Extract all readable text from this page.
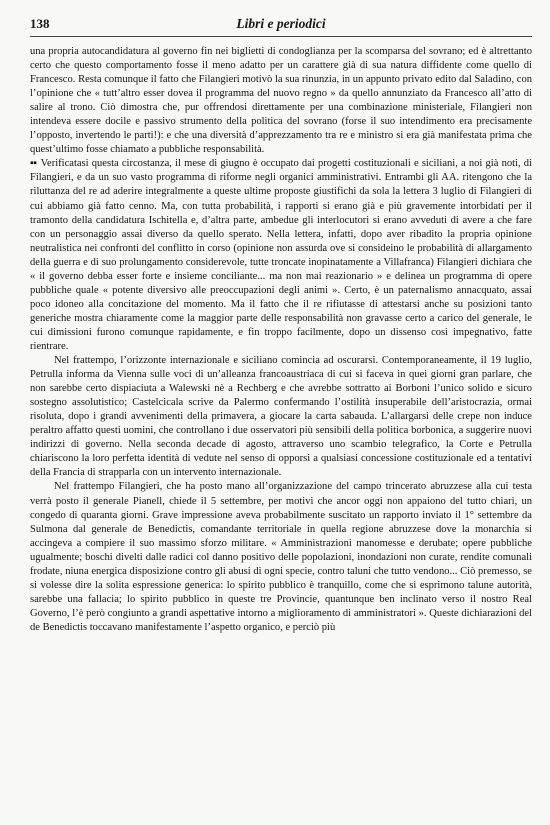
138	Libri e periodici

una propria autocandidatura al governo fin nei biglietti di condoglianza per la scomparsa del sovrano; ed è altrettanto certo che questo comportamento fosse il meno adatto per un carattere già di sua natura diffidente come quello di Francesco. Resta comunque il fatto che Filangieri motivò la sua rinunzia, in un appunto privato edito dal Saladino, con l’opinione che « tutt’altro esser dovea il programma del nuovo regno » da quello annunziato da Francesco all’atto di salire al trono. Ciò dimostra che, pur offrendosi direttamente per una combinazione ministeriale, Filangieri non intendeva essere docile e passivo strumento della politica del sovrano (forse il suo intendimento era precisamente l’opposto, invertendo le parti!): e che una diversità d’apprezzamento tra re e ministro si era già manifestata prima che quest’ultimo fosse chiamato a pubbliche responsabilità.

▪▪ Verificatasi questa circostanza, il mese di giugno è occupato dai progetti costituzionali e siciliani, a noi già noti, di Filangieri, e da un suo vasto programma di riforme negli organici amministrativi. Entrambi gli AA. ritengono che la riluttanza del re ad aderire integralmente a queste ultime proposte giustifichi da sola la lettera 3 luglio di Filangieri di cui abbiamo già fatto cenno. Ma, con tutta probabilità, i rapporti si erano già e più gravemente intorbidati per il tramonto della candidatura Ischitella e, d’altra parte, ambedue gli interlocutori si erano avveduti di avere a che fare con un personaggio assai diverso da quello sperato. Nella lettera, infatti, dopo aver ribadito la propria opinione neutralistica nei confronti del conflitto in corso (opinione non assurda ove si consideino le probabilità di allargamento della guerra e di suo prolungamento considerevole, tutte troncate inopinatamente a Villafranca) Filangieri dichiara che « il governo debba esser forte e insieme conciliante... ma non mai reazionario » e delinea un programma di opere pubbliche quale « potente diversivo alle preoccupazioni degli animi ». Certo, è un paternalismo annacquato, assai poco idoneo alla concitazione del momento. Ma il fatto che il re rifiutasse di attestarsi anche su posizioni tanto generiche mostra chiaramente come la maggior parte delle responsabilità non gravasse certo a carico del generale, le cui dimissioni furono comunque rapidamente, e fin troppo facilmente, dopo un dissenso così impegnativo, fatte rientrare.

Nel frattempo, l’orizzonte internazionale e siciliano comincia ad oscurarsi. Contemporaneamente, il 19 luglio, Petrulla informa da Vienna sulle voci di un’alleanza francoaustriaca di cui si faceva in quei giorni gran parlare, che non sarebbe certo dispiaciuta a Walewski nè a Rechberg e che avrebbe sottratto ai Borboni l’unico solido e sicuro sostegno assolutistico; Castelcicala scrive da Palermo confermando l’ostilità insuperabile dell’aristocrazia, ormai risoluta, dopo i grandi avvenimenti della primavera, a giocare la carta sabauda. L’allargarsi delle crepe non induce peraltro affatto questi uomini, che controllano i due osservatori più sensibili della politica borbonica, a suggerire nuovi indirizzi di governo. Nella seconda decade di agosto, attraverso uno scambio telegrafico, la Corte e Petrulla chiariscono la loro perfetta identità di vedute nel senso di opporsi a qualsiasi concessione costituzionale ed a tentativi della Francia di strapparla con un intervento internazionale.

Nel frattempo Filangieri, che ha posto mano all’organizzazione del campo trincerato abruzzese alla cui testa verrà posto il generale Pianell, chiede il 5 settembre, per motivi che ancor oggi non appaiono del tutto chiari, un congedo di quaranta giorni. Grave impressione aveva probabilmente suscitato un rapporto inviato il 1° settembre da Sulmona dal generale de Benedictis, comandante territoriale in quella regione abruzzese dove la monarchia si accingeva a compiere il suo massimo sforzo militare. « Amministrazioni manomesse e derubate; opere pubbliche ugualmente; boschi divelti dalle radici col danno positivo delle popolazioni, inondazioni non curate, rendite comunali frodate, niuna energica disposizione contro gli abusi di ogni specie, contro taluni che tutto vendono... Ciò premesso, se si volesse dire la solita espressione generica: lo spirito pubblico è tranquillo, come che si esprimono talune autorità, sarebbe una fallacia; lo spirito pubblico in queste tre Provincie, quantunque ben inclinato verso il nostro Real Governo, l’è però congiunto a grandi aspettative intorno a miglioramento di amministratori ». Queste dichiarazioni del de Benedictis toccavano manifestamente l’aspetto organico, e perciò più
